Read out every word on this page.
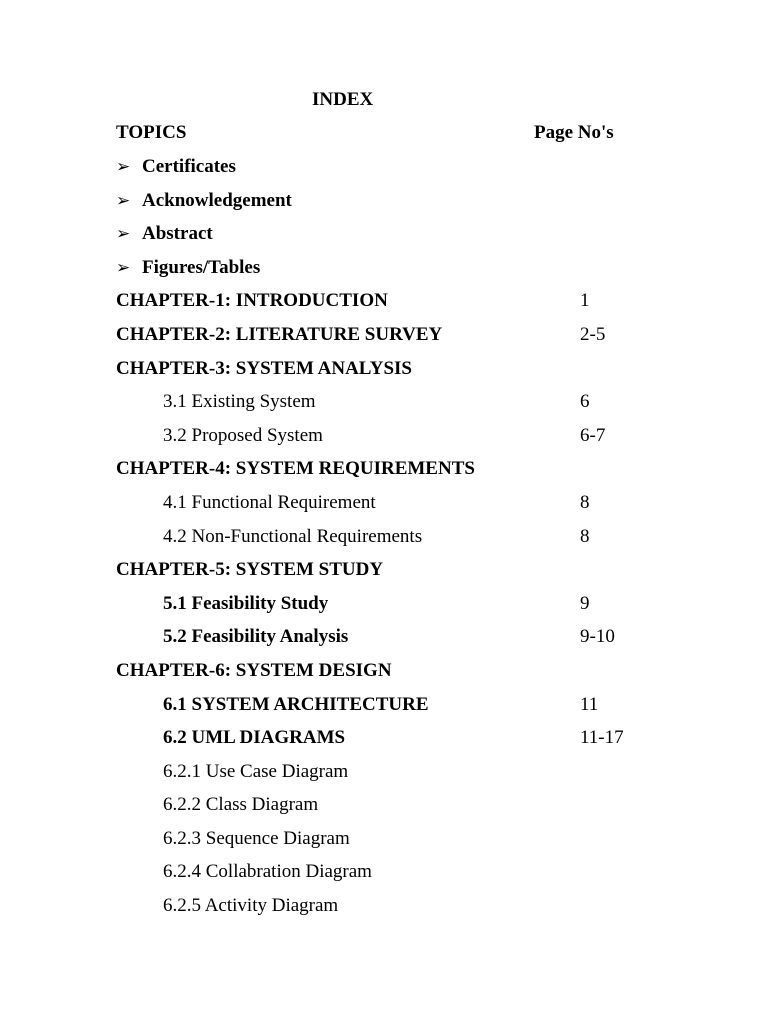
INDEX
TOPICS	Page No's
➢ Certificates
➢ Acknowledgement
➢ Abstract
➢ Figures/Tables
CHAPTER-1: INTRODUCTION	1
CHAPTER-2: LITERATURE SURVEY	2-5
CHAPTER-3: SYSTEM ANALYSIS
3.1 Existing System	6
3.2 Proposed System	6-7
CHAPTER-4: SYSTEM REQUIREMENTS
4.1 Functional Requirement	8
4.2 Non-Functional Requirements	8
CHAPTER-5: SYSTEM STUDY
5.1 Feasibility Study	9
5.2 Feasibility Analysis	9-10
CHAPTER-6: SYSTEM DESIGN
6.1 SYSTEM ARCHITECTURE	11
6.2 UML DIAGRAMS	11-17
6.2.1 Use Case Diagram
6.2.2 Class Diagram
6.2.3 Sequence Diagram
6.2.4 Collabration Diagram
6.2.5 Activity Diagram
